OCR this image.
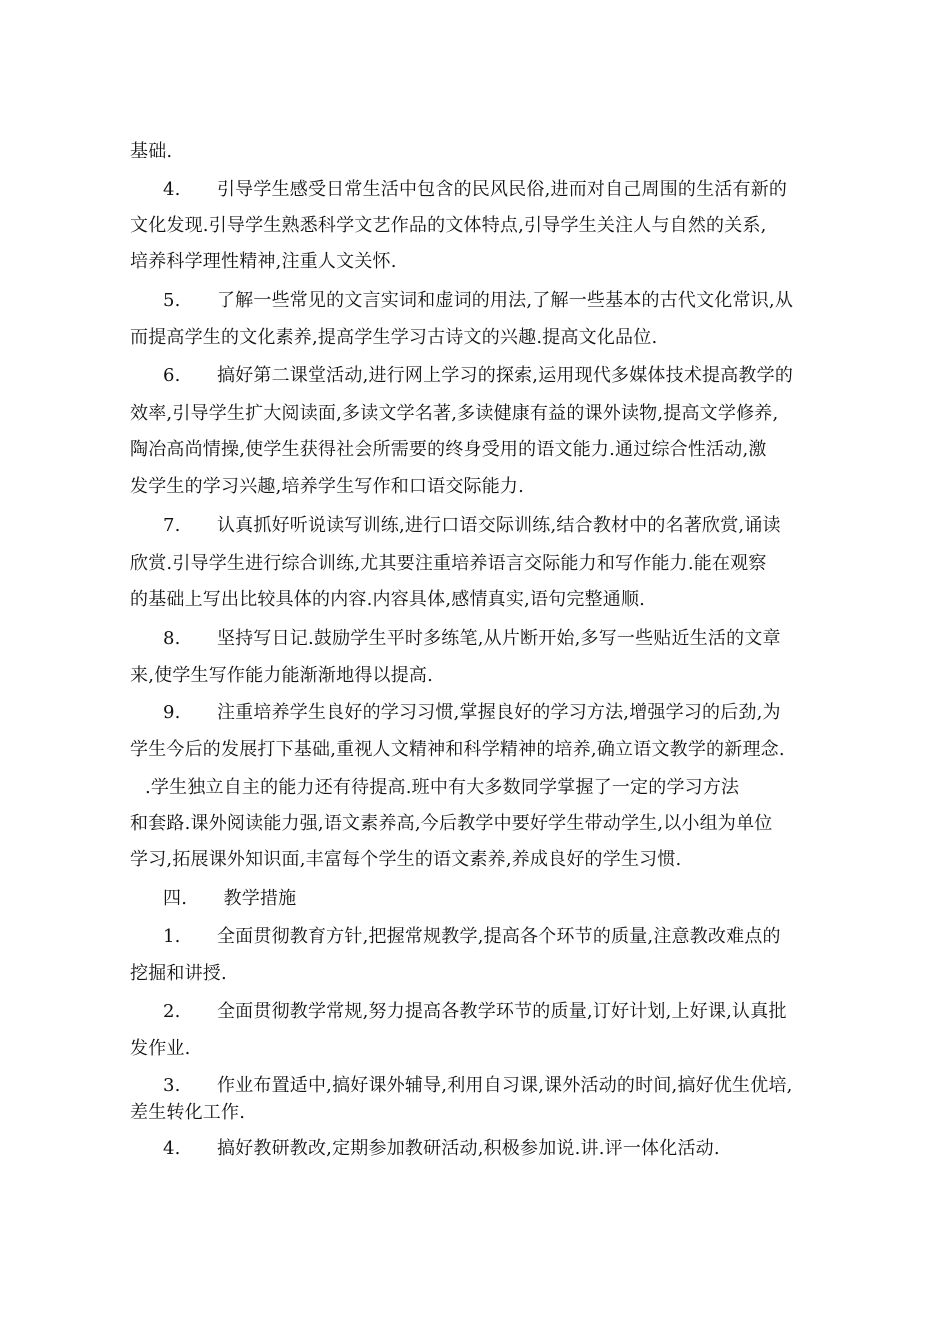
基础.
4.　　引导学生感受日常生活中包含的民风民俗,进而对自己周围的生活有新的
文化发现.引导学生熟悉科学文艺作品的文体特点,引导学生关注人与自然的关系,
培养科学理性精神,注重人文关怀.
5.　　了解一些常见的文言实词和虚词的用法,了解一些基本的古代文化常识,从
而提高学生的文化素养,提高学生学习古诗文的兴趣.提高文化品位.
6.　　搞好第二课堂活动,进行网上学习的探索,运用现代多媒体技术提高教学的
效率,引导学生扩大阅读面,多读文学名著,多读健康有益的课外读物,提高文学修养,
陶冶高尚情操,使学生获得社会所需要的终身受用的语文能力.通过综合性活动,激
发学生的学习兴趣,培养学生写作和口语交际能力.
7.　　认真抓好听说读写训练,进行口语交际训练,结合教材中的名著欣赏,诵读
欣赏.引导学生进行综合训练,尤其要注重培养语言交际能力和写作能力.能在观察
的基础上写出比较具体的内容.内容具体,感情真实,语句完整通顺.
8.　　坚持写日记.鼓励学生平时多练笔,从片断开始,多写一些贴近生活的文章
来,使学生写作能力能渐渐地得以提高.
9.　　注重培养学生良好的学习习惯,掌握良好的学习方法,增强学习的后劲,为
学生今后的发展打下基础,重视人文精神和科学精神的培养,确立语文教学的新理念.
.学生独立自主的能力还有待提高.班中有大多数同学掌握了一定的学习方法
和套路.课外阅读能力强,语文素养高,今后教学中要好学生带动学生,以小组为单位
学习,拓展课外知识面,丰富每个学生的语文素养,养成良好的学生习惯.
四.　　教学措施
1.　　全面贯彻教育方针,把握常规教学,提高各个环节的质量,注意教改难点的
挖掘和讲授.
2.　　全面贯彻教学常规,努力提高各教学环节的质量,订好计划,上好课,认真批
发作业.
3.　　作业布置适中,搞好课外辅导,利用自习课,课外活动的时间,搞好优生优培,
差生转化工作.
4.　　搞好教研教改,定期参加教研活动,积极参加说.讲.评一体化活动.
